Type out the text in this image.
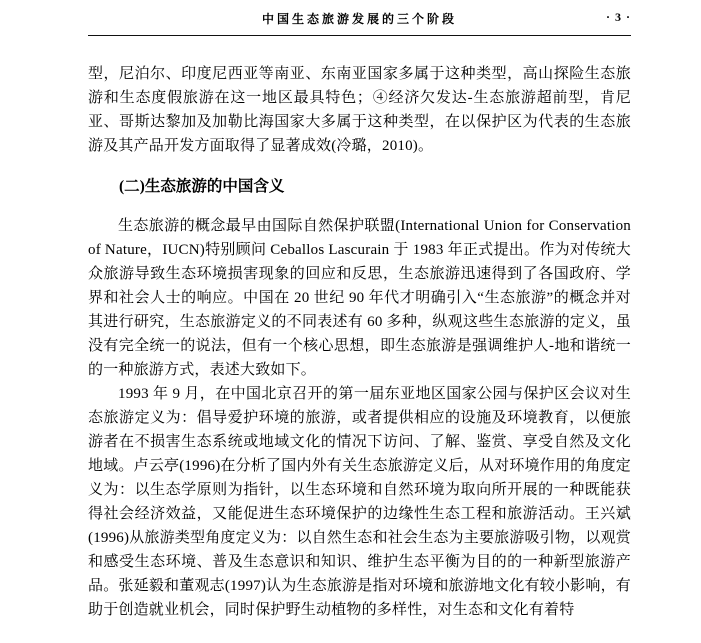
中国生态旅游发展的三个阶段	· 3 ·

型，尼泊尔、印度尼西亚等南亚、东南亚国家多属于这种类型，高山探险生态旅游和生态度假旅游在这一地区最具特色；④经济欠发达-生态旅游超前型，肯尼亚、哥斯达黎加及加勒比海国家大多属于这种类型，在以保护区为代表的生态旅游及其产品开发方面取得了显著成效(冷璐，2010)。

(二)生态旅游的中国含义

生态旅游的概念最早由国际自然保护联盟(International Union for Conservation of Nature，IUCN)特别顾问 Ceballos Lascurain 于 1983 年正式提出。作为对传统大众旅游导致生态环境损害现象的回应和反思，生态旅游迅速得到了各国政府、学界和社会人士的响应。中国在 20 世纪 90 年代才明确引入“生态旅游”的概念并对其进行研究，生态旅游定义的不同表述有 60 多种，纵观这些生态旅游的定义，虽没有完全统一的说法，但有一个核心思想，即生态旅游是强调维护人-地和谐统一的一种旅游方式，表述大致如下。

1993 年 9 月，在中国北京召开的第一届东亚地区国家公园与保护区会议对生态旅游定义为：倡导爱护环境的旅游，或者提供相应的设施及环境教育，以便旅游者在不损害生态系统或地域文化的情况下访问、了解、鉴赏、享受自然及文化地域。卢云亭(1996)在分析了国内外有关生态旅游定义后，从对环境作用的角度定义为：以生态学原则为指针，以生态环境和自然环境为取向所开展的一种既能获得社会经济效益，又能促进生态环境保护的边缘性生态工程和旅游活动。王兴斌(1996)从旅游类型角度定义为：以自然生态和社会生态为主要旅游吸引物，以观赏和感受生态环境、普及生态意识和知识、维护生态平衡为目的的一种新型旅游产品。张延毅和董观志(1997)认为生态旅游是指对环境和旅游地文化有较小影响，有助于创造就业机会，同时保护野生动植物的多样性，对生态和文化有着特
